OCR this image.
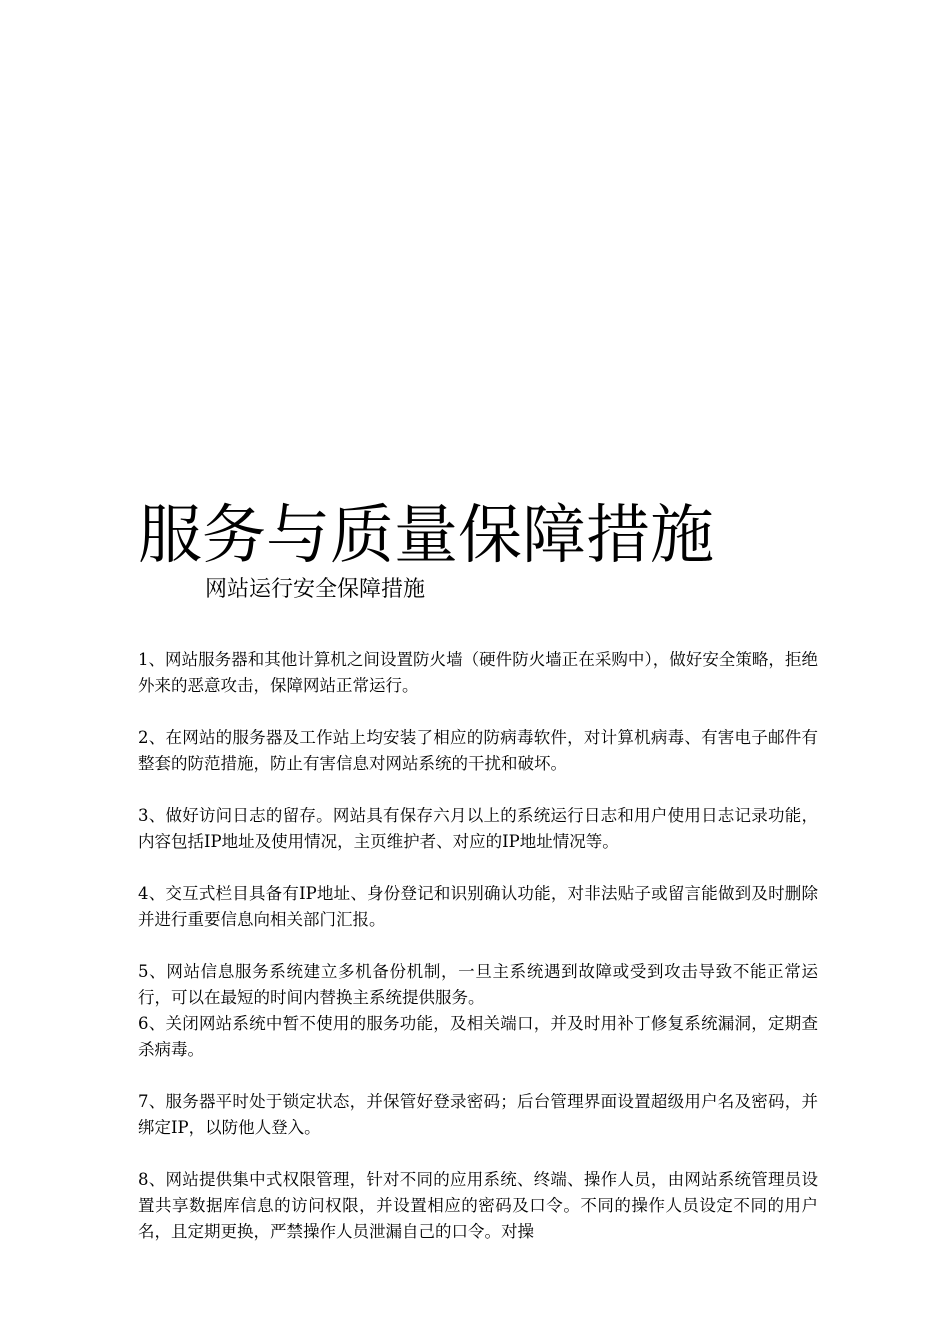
服务与质量保障措施
网站运行安全保障措施

1、网站服务器和其他计算机之间设置防火墙（硬件防火墙正在采购中），做好安全策略，拒绝外来的恶意攻击，保障网站正常运行。

2、在网站的服务器及工作站上均安装了相应的防病毒软件，对计算机病毒、有害电子邮件有整套的防范措施，防止有害信息对网站系统的干扰和破坏。

3、做好访问日志的留存。网站具有保存六月以上的系统运行日志和用户使用日志记录功能，内容包括IP地址及使用情况，主页维护者、对应的IP地址情况等。

4、交互式栏目具备有IP地址、身份登记和识别确认功能，对非法贴子或留言能做到及时删除并进行重要信息向相关部门汇报。

5、网站信息服务系统建立多机备份机制，一旦主系统遇到故障或受到攻击导致不能正常运行，可以在最短的时间内替换主系统提供服务。

6、关闭网站系统中暂不使用的服务功能，及相关端口，并及时用补丁修复系统漏洞，定期查杀病毒。

7、服务器平时处于锁定状态，并保管好登录密码；后台管理界面设置超级用户名及密码，并绑定IP，以防他人登入。

8、网站提供集中式权限管理，针对不同的应用系统、终端、操作人员，由网站系统管理员设置共享数据库信息的访问权限，并设置相应的密码及口令。不同的操作人员设定不同的用户名，且定期更换，严禁操作人员泄漏自己的口令。对操
